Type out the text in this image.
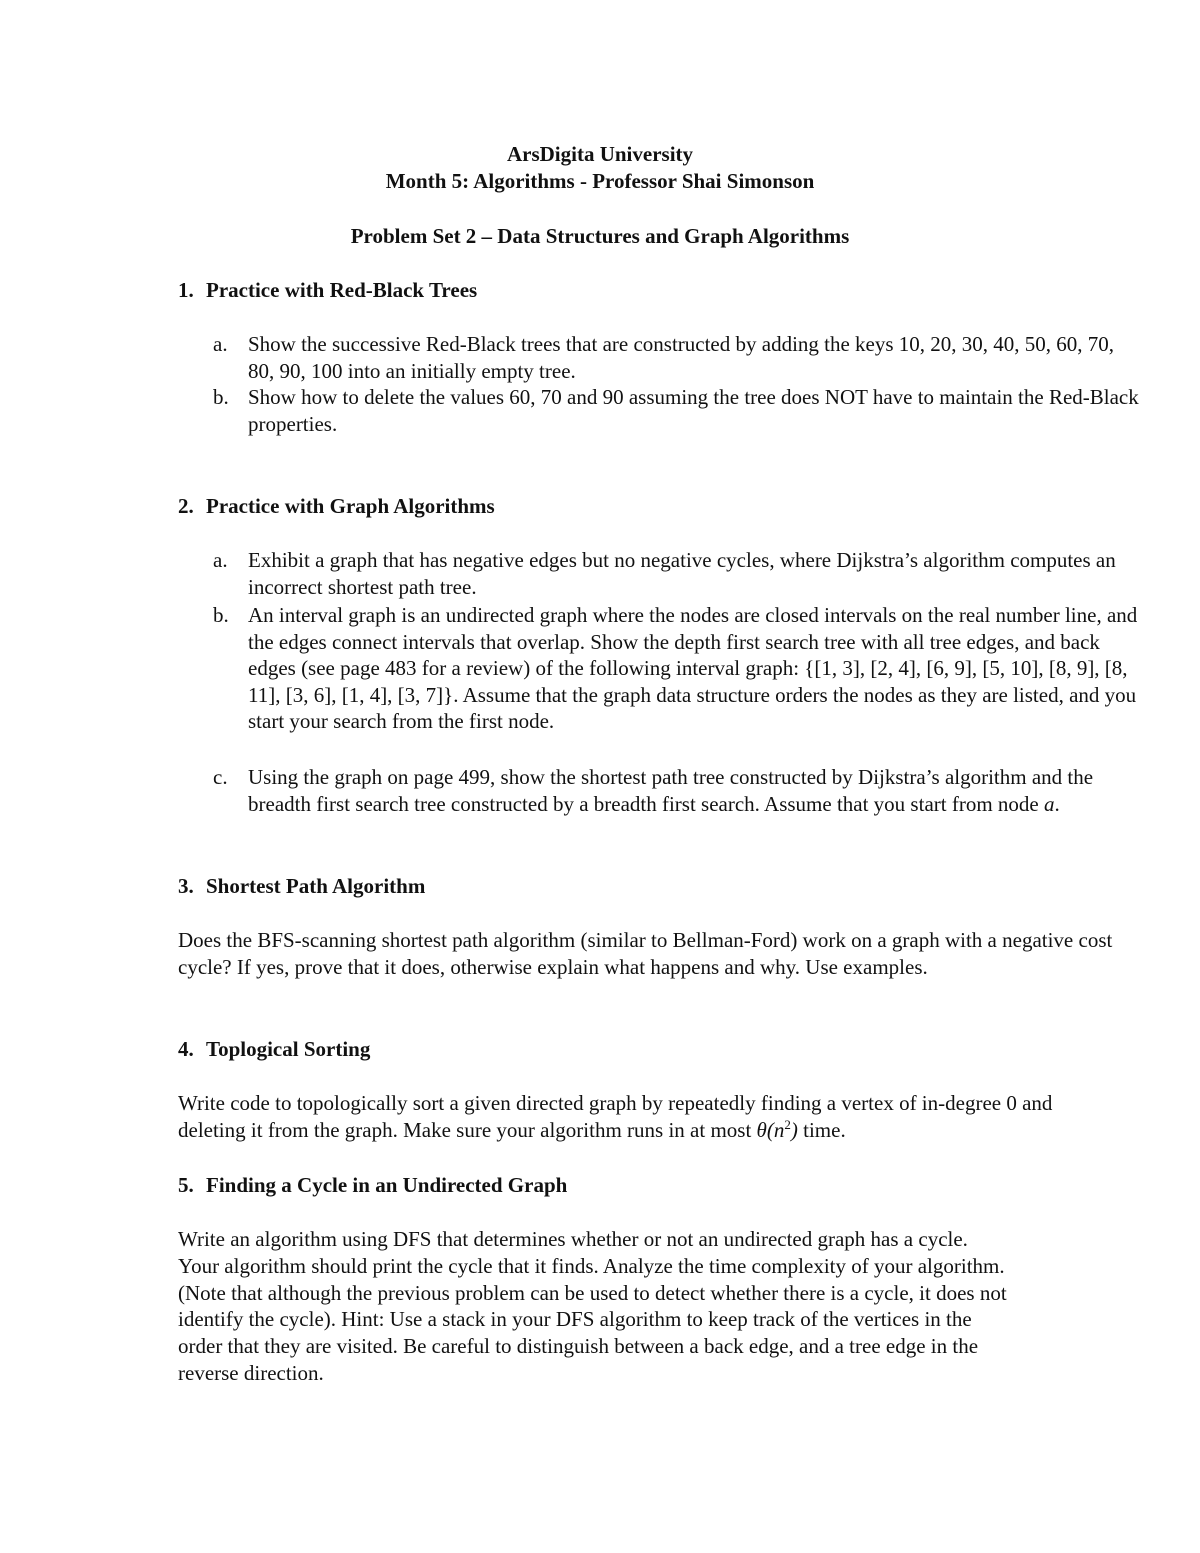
ArsDigita University
Month 5: Algorithms - Professor Shai Simonson
Problem Set 2 – Data Structures and Graph Algorithms
1. Practice with Red-Black Trees
a. Show the successive Red-Black trees that are constructed by adding the keys 10, 20, 30, 40, 50, 60, 70, 80, 90, 100 into an initially empty tree.
b. Show how to delete the values 60, 70 and 90 assuming the tree does NOT have to maintain the Red-Black properties.
2. Practice with Graph Algorithms
a. Exhibit a graph that has negative edges but no negative cycles, where Dijkstra’s algorithm computes an incorrect shortest path tree.
b. An interval graph is an undirected graph where the nodes are closed intervals on the real number line, and the edges connect intervals that overlap. Show the depth first search tree with all tree edges, and back edges (see page 483 for a review) of the following interval graph: {[1, 3], [2, 4], [6, 9], [5, 10], [8, 9], [8, 11], [3, 6], [1, 4], [3, 7]}. Assume that the graph data structure orders the nodes as they are listed, and you start your search from the first node.
c. Using the graph on page 499, show the shortest path tree constructed by Dijkstra’s algorithm and the breadth first search tree constructed by a breadth first search. Assume that you start from node a.
3. Shortest Path Algorithm
Does the BFS-scanning shortest path algorithm (similar to Bellman-Ford) work on a graph with a negative cost cycle? If yes, prove that it does, otherwise explain what happens and why. Use examples.
4. Toplogical Sorting
Write code to topologically sort a given directed graph by repeatedly finding a vertex of in-degree 0 and deleting it from the graph. Make sure your algorithm runs in at most $\theta(n^2)$ time.
5. Finding a Cycle in an Undirected Graph
Write an algorithm using DFS that determines whether or not an undirected graph has a cycle. Your algorithm should print the cycle that it finds. Analyze the time complexity of your algorithm. (Note that although the previous problem can be used to detect whether there is a cycle, it does not identify the cycle). Hint: Use a stack in your DFS algorithm to keep track of the vertices in the order that they are visited. Be careful to distinguish between a back edge, and a tree edge in the reverse direction.
